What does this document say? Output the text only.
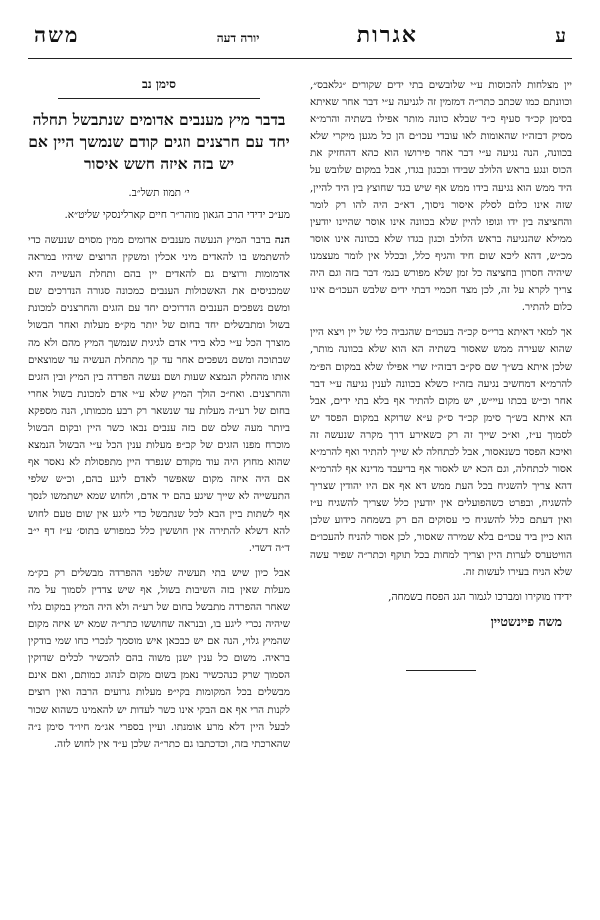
ע
אגרות
יורה דעה
משה

יין מצלחות להכוסות ע״י שלובשים בתי ידים שקורים ״גלאבס״, וכוונתם כמו שכתב כתר״ה דמזמין זה לגניעה ע״י דבר אחר שאיתא בסימן קכ״ד סעיף כ״ד שבלא כוונה מותר אפילו בשתיה והרמ״א מסיק דבזה״ז שהאומות לאו עובדי עכו״ם הן כל מגען מיקרי שלא בכוונה, הנה נגיעה ע״י דבר אחר פירושו הוא כהא דהחזיק את הכוס ונגע בראש הלולב שבידו ובכגון בגדו, אבל במקום שלובש על היד ממש הוא נגיעה בידו ממש אף שיש בגד שחוצץ בין היד להיין, שזה אינו כלום לסלק איסור ניסוך, דא״כ היה להו רק לומר והחציצה בין ידו וגופו להיין שלא בכוונה אינו אוסר שהיינו יודעין ממילא שהנגיעה בראש הלולב וכגון בגדו שלא בכוונה אינו אוסר מכ״ש, דהא ליכא שום חיד והגיף כלל, ובכלל אין לומר מעצמנו שיהיה חסרון בחציצה כל זמן שלא מפורש בגמ׳ דבר בזה וגם היה צריך לקרא על זה, לכן מצד חכמיי דבתי ידים שלבש העכו״ם אינו כלום להתיר.

אך למאי דאיתא ברי״ס קכ״ה בעכו״ם שהגביה כלי של יין ויצא היין שהוא שעירה ממש שאסור בשתיה הא הוא שלא בכוונה מותר, שלכן איתא בש״ך שם סק״ב דבזה״ז שרי אפילו שלא במקום הפ״מ להרמ״א דמחשיב נגיעה בזה״ז כשלא בכוונה לענין נגיעה ע״י דבר אחר וכ״ש בכתו עיי״ש, יש מקום להתיר אף בלא בתי ידים, אבל הא איתא בש״ך סימן קכ״ד ס״ק ע״א שדוקא במקום הפסד יש לסמוך ע״ז, וא״כ שייך זה רק כשאירע דרך מקרה שנעשה זה ואיכא הפסד כשנאסור, אבל לכתחלה לא שייך להתיר ואף להרמ״א אסור לכתחלה, וגם הכא יש לאסור אף בדיעבד מדינא אף להרמ״א דהא צריך להשגיח בכל העת ממש דא אף אם היו יהודין שצריך להשגיח, ובפרט כשהפועלים אין יודעין כלל שצריך להשגיח ע״ז ואין דעתם כלל להשגיח כי עסוקים הם רק בשמחה כידוע שלכן הוא כיין ביד עכו״ם בלא שמירה שאסור, לכן אסור להניח להעכו״ם הוויטערס לערות היין וצריך למחות בכל תוקף וכתר״ה שפיר עשה שלא הניח בעירו לעשות זה.

ידידו מוקירו ומברכו לגמור הגג הפסח בשמחה,

משה פיינשטיין
סימן נב
בדבר מיץ מענבים אדומים שנתבשל תחלה יחד עם חרצנים וזגים קודם שנמשך היין אם יש בזה איזה חשש איסור
י׳ תמוז תשל״ב.
מע״כ ידידי הרב הגאון מוהר״ר חיים קארלינסקי שליט״א.

הנה בדבר המיץ הנעשה מענבים אדומים ממין מסוים שנעשה כדי להשתמש בו להאדים מיני אכלין ומשקין הרוצים שיהיו במראה אדמומות ורוצים גם להאדים יין בהם ותחלת העשייה היא שמכניסים את האשכולות הענבים כמכונה סגורה הנדרכים שם ומשם נשפכים הענבים הדרוכים יחד עם הזגים והחרצנים למכונת בשול ומתבשלים יחד בחום של יותר מק״פ מעלות ואחר הבשול מוצרך הכל ע״י כלא בידי אדם לגיגית שנמשך המיץ מהם ולא מה שבתוכה ומשם נשפכים אחר עד קך מתחלת העשיה עד שמוצאים אותו מהחלק הנמצא שעות ושם נעשה הפרדה בין המיץ ובין הזגים והחרצנים. ואח״כ הולך המיץ שלא ע״י אדם למכונת בשול אחרי בחום של רע״ה מעלות עד שנשאר רק רבע מכמותו, הנה מספקא ביותר מעה שלם שם בזה ענבים נבאו כשר היין ובקום הבשול מוכרח מפנו הזגים של קכ״פ מעלות ענין הכל ע״י הבשול הנמצא שהוא מחוץ היה עוד מקודם שנפרד היין מתפסולת לא נאסר אף אם היה איזה מקום שאפשר לאדם ליגע בהם, וכ״ש שלפי התעשייה לא שייך שיגע בהם יד אדם, ולחוש שמא ישתמשו לנסך אף לשתות ביין הבא לכל שנתבשל כדי ליגע אין שום טעם לחוש להא דשלא להתירה אין חוששין כלל כמפורש בתוס׳ ע״ז דף י״ב ד״ה דשדי.

אבל כיון שיש בתי תעשיה שלפני ההפרדה מבשלים רק בק״מ מעלות שאין בזה השיבות בשול, אף שיש צדדין לסמוך על מה שאחר ההפרדה מתבשל בחום של רע״ה ולא היה המיץ במקום גלוי שיהיה נכרי ליגע בו, ובנראה שחוששו כתר״ה שמא יש איזה מקום שהמיץ גלוי, הנה אם יש כבכאן איש מוסמך לנכרי כחו שמי בודקין בראיה. משום כל ענין ישנן משוה בהם להכשיר לכלים שדוקין הסמוך שרק כנהכשיר נאמן בשום מקום לנהוג כמותם, ואם אינם מבשלים בכל המקומות בקי״פ מעלות גרועים הרבה ואין רוצים לקנות הרי אף אם הבקי אינו כשר לעדות יש להאמינו כשהוא שכור לבעל היין דלא מרע אומנתו. ועיין בספרי אג״מ חיו״ד סימן נ״ה שהארכתי בזה, וכדכתבו גם כתר״ה שלכן ע״ד אין לחוש לזה.
